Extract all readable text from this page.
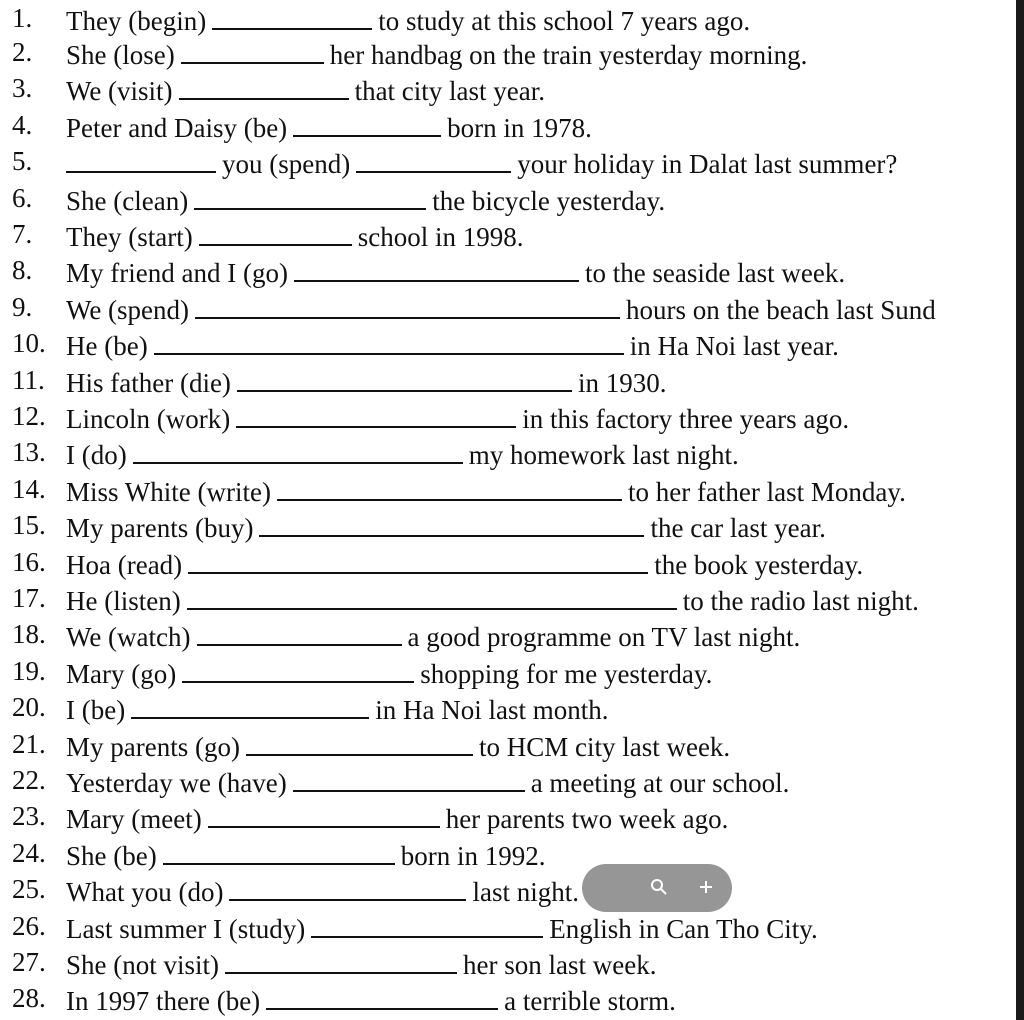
1.	They (begin)	to study at this school 7 years ago.
2.	She (lose)	her handbag on the train yesterday morning.
3.	We (visit)	that city last year.
4.	Peter and Daisy (be)	born in 1978.
5.	you (spend)	your holiday in Dalat last summer?
6.	She (clean)	the bicycle yesterday.
7.	They (start)	school in 1998.
8.	My friend and I (go)	to the seaside last week.
9.	We (spend)	hours on the beach last Sund
10. He (be)	in Ha Noi last year.
11. His father (die)	in 1930.
12. Lincoln (work)	in this factory three years ago.
13. I (do)	my homework last night.
14. Miss White (write)	to her father last Monday.
15. My parents (buy)	the car last year.
16. Hoa (read)	the book yesterday.
17. He (listen)	to the radio last night.
18. We (watch)	a good programme on TV last night.
19. Mary (go)	shopping for me yesterday.
20. I (be)	in Ha Noi last month.
21. My parents (go)	to HCM city last week.
22. Yesterday we (have)	a meeting at our school.
23. Mary (meet)	her parents two week ago.
24. She (be)	born in 1992.
25. What you (do)	last night.
26. Last summer I (study)	English in Can Tho City.
27. She (not visit)	her son last week.
28. In 1997 there (be)	a terrible storm.
